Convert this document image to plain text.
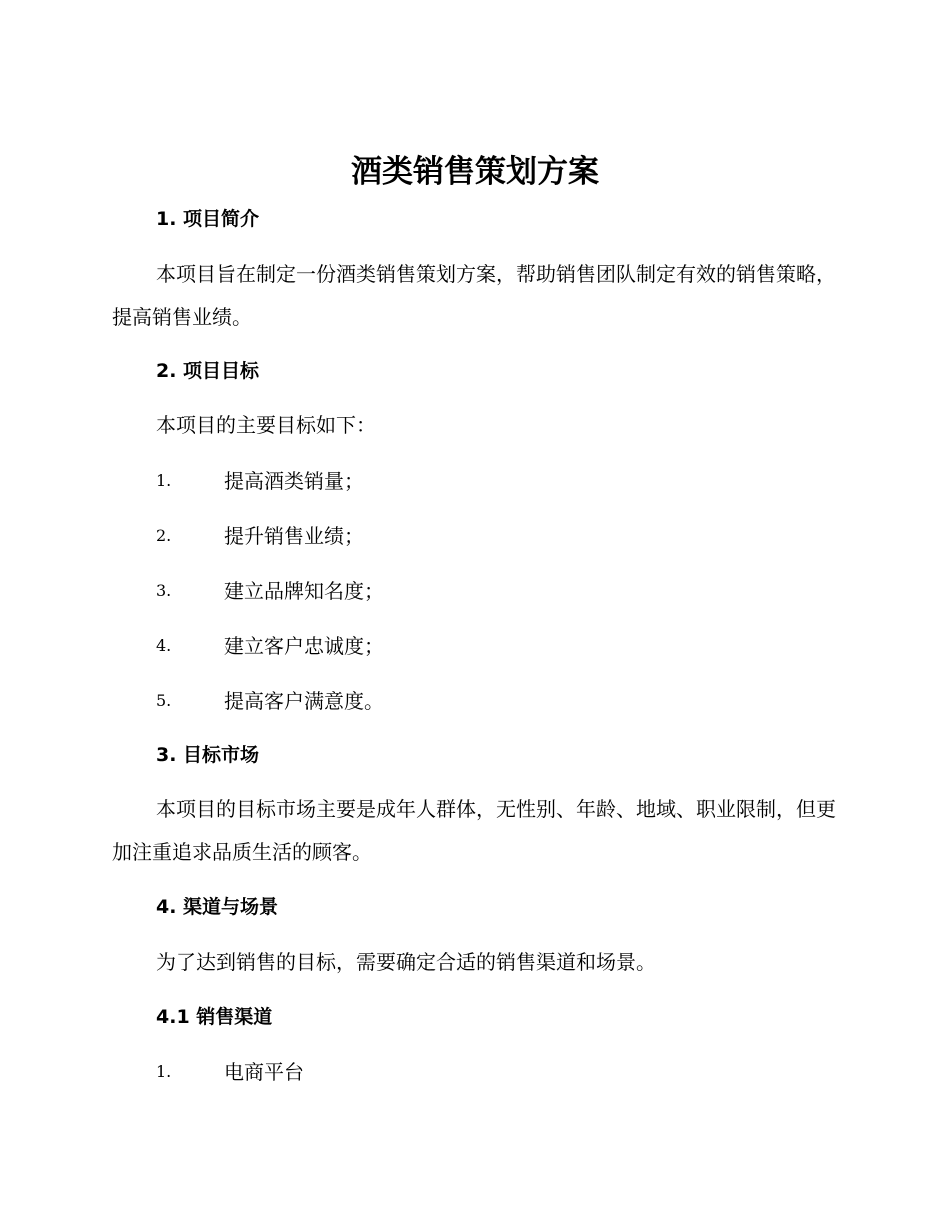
酒类销售策划方案
1. 项目简介

本项目旨在制定一份酒类销售策划方案，帮助销售团队制定有效的销售策略，提高销售业绩。

2. 项目目标

本项目的主要目标如下：

1.	提高酒类销量；
2.	提升销售业绩；
3.	建立品牌知名度；
4.	建立客户忠诚度；
5.	提高客户满意度。
3. 目标市场

本项目的目标市场主要是成年人群体，无性别、年龄、地域、职业限制，但更加注重追求品质生活的顾客。

4. 渠道与场景

为了达到销售的目标，需要确定合适的销售渠道和场景。

4.1 销售渠道
1.	电商平台
